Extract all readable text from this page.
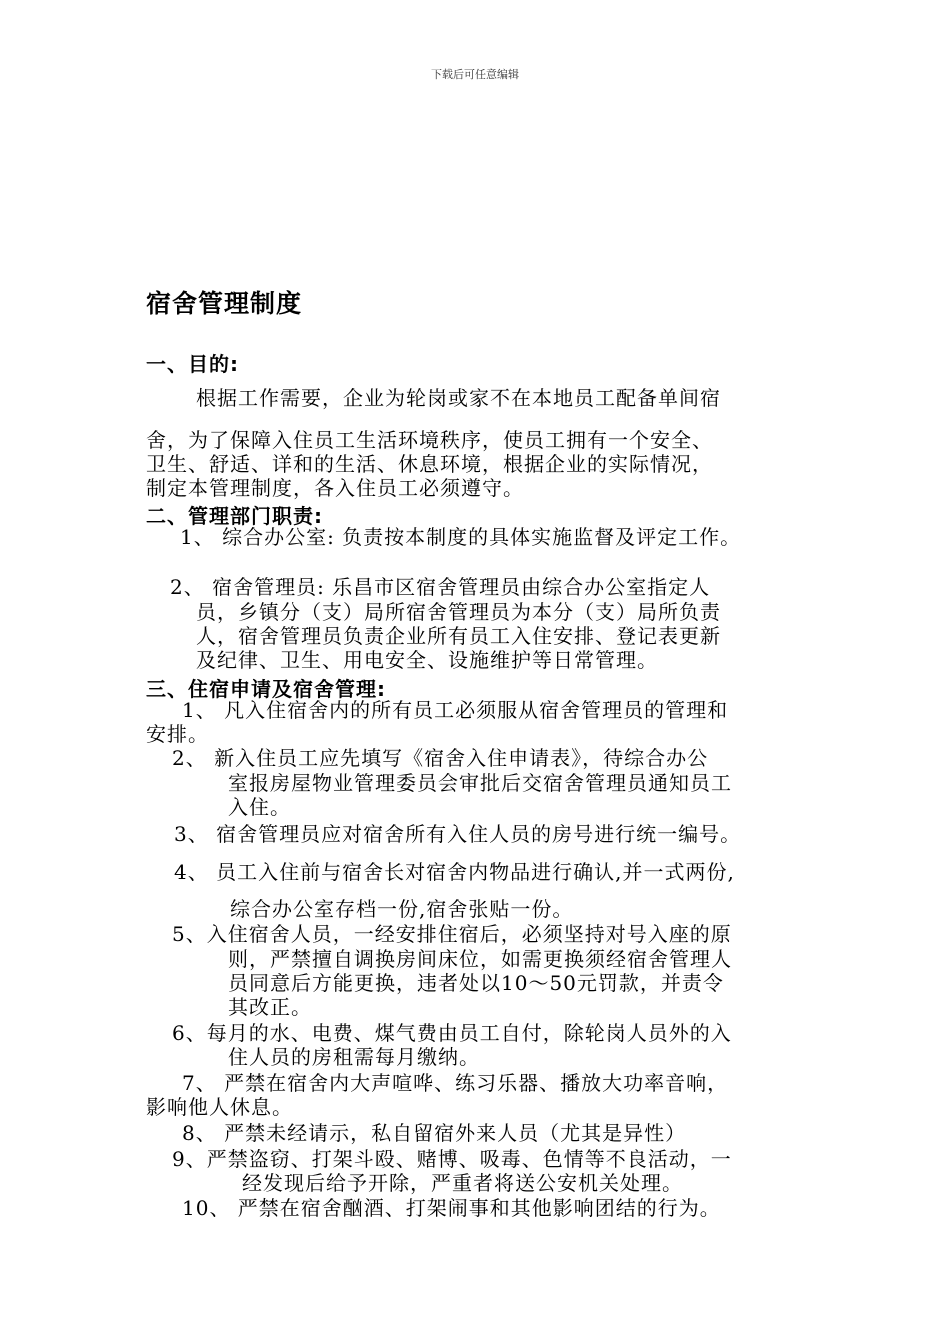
下载后可任意编辑
宿舍管理制度
一、目的:
根据工作需要，企业为轮岗或家不在本地员工配备单间宿
舍，为了保障入住员工生活环境秩序，使员工拥有一个安全、
卫生、舒适、详和的生活、休息环境，根据企业的实际情况，
制定本管理制度，各入住员工必须遵守。
二、管理部门职责:
1、 综合办公室: 负责按本制度的具体实施监督及评定工作。
2、 宿舍管理员: 乐昌市区宿舍管理员由综合办公室指定人
员，乡镇分（支）局所宿舍管理员为本分（支）局所负责
人，宿舍管理员负责企业所有员工入住安排、登记表更新
及纪律、卫生、用电安全、设施维护等日常管理。
三、住宿申请及宿舍管理:
1、 凡入住宿舍内的所有员工必须服从宿舍管理员的管理和
安排。
2、 新入住员工应先填写《宿舍入住申请表》，待综合办公
室报房屋物业管理委员会审批后交宿舍管理员通知员工
入住。
3、 宿舍管理员应对宿舍所有入住人员的房号进行统一编号。
4、 员工入住前与宿舍长对宿舍内物品进行确认,并一式两份,
综合办公室存档一份,宿舍张贴一份。
5、入住宿舍人员，一经安排住宿后，必须坚持对号入座的原
则，严禁擅自调换房间床位，如需更换须经宿舍管理人
员同意后方能更换，违者处以10～50元罚款，并责令
其改正。
6、每月的水、电费、煤气费由员工自付，除轮岗人员外的入
住人员的房租需每月缴纳。
7、 严禁在宿舍内大声喧哗、练习乐器、播放大功率音响，
影响他人休息。
8、 严禁未经请示，私自留宿外来人员（尤其是异性）
9、严禁盗窃、打架斗殴、赌博、吸毒、色情等不良活动，一
经发现后给予开除，严重者将送公安机关处理。
10、 严禁在宿舍酗酒、打架闹事和其他影响团结的行为。
